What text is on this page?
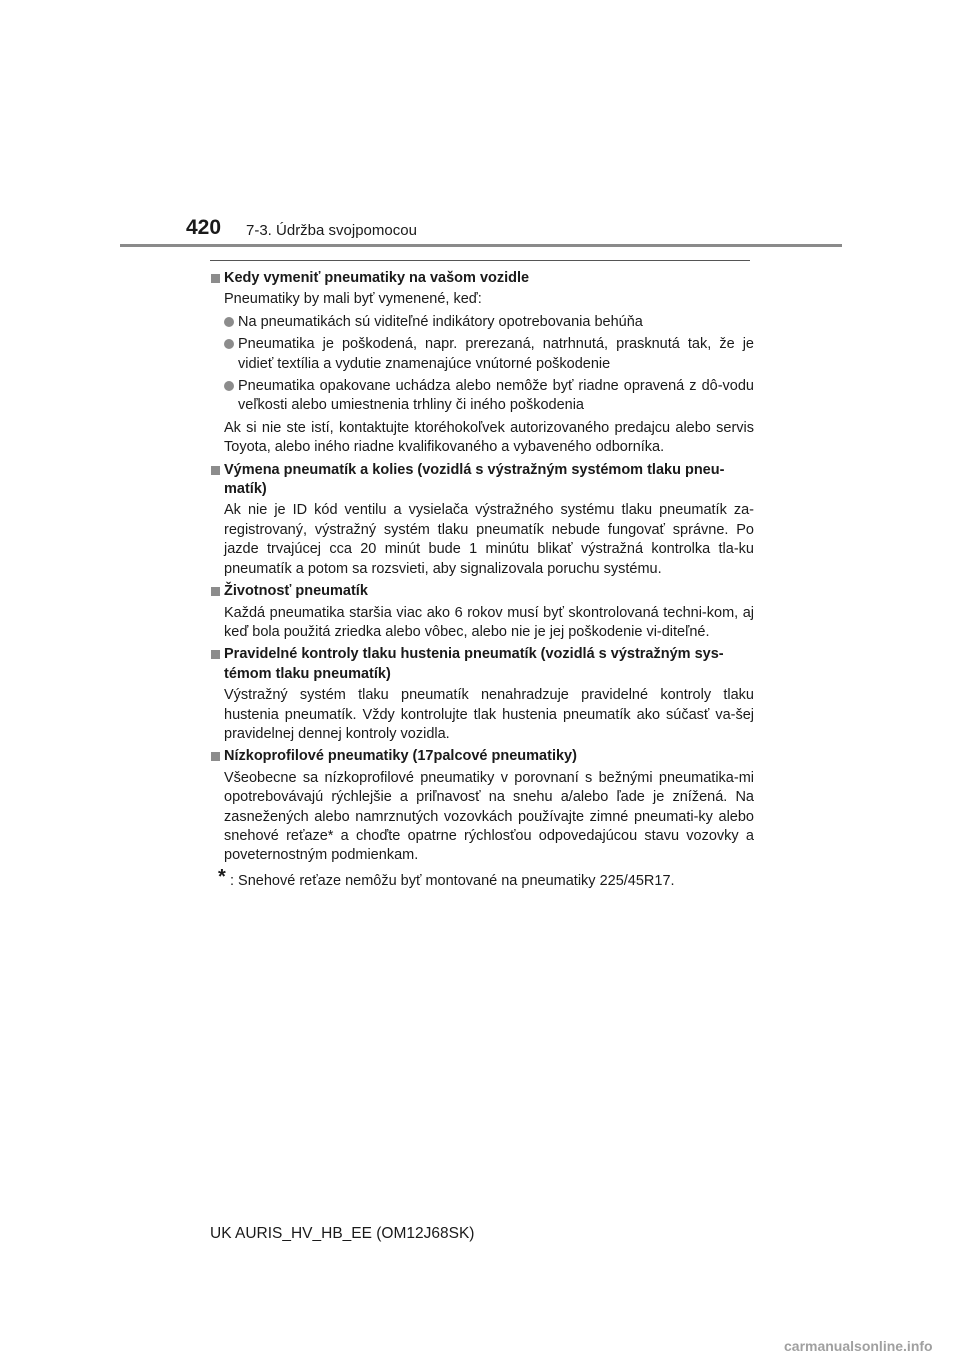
420 7-3. Údržba svojpomocou
Kedy vymeniť pneumatiky na vašom vozidle
Pneumatiky by mali byť vymenené, keď:
Na pneumatikách sú viditeľné indikátory opotrebovania behúňa
Pneumatika je poškodená, napr. prerezaná, natrhnutá, prasknutá tak, že je vidieť textília a vydutie znamenajúce vnútorné poškodenie
Pneumatika opakovane uchádza alebo nemôže byť riadne opravená z dô-vodu veľkosti alebo umiestnenia trhliny či iného poškodenia
Ak si nie ste istí, kontaktujte ktoréhokoľvek autorizovaného predajcu alebo servis Toyota, alebo iného riadne kvalifikovaného a vybaveného odborníka.
Výmena pneumatík a kolies (vozidlá s výstražným systémom tlaku pneu-matík)
Ak nie je ID kód ventilu a vysielača výstražného systému tlaku pneumatík za-registrovaný, výstražný systém tlaku pneumatík nebude fungovať správne. Po jazde trvajúcej cca 20 minút bude 1 minútu blikať výstražná kontrolka tla-ku pneumatík a potom sa rozsvieti, aby signalizovala poruchu systému.
Životnosť pneumatík
Každá pneumatika staršia viac ako 6 rokov musí byť skontrolovaná techni-kom, aj keď bola použitá zriedka alebo vôbec, alebo nie je jej poškodenie vi-diteľné.
Pravidelné kontroly tlaku hustenia pneumatík (vozidlá s výstražným sys-témom tlaku pneumatík)
Výstražný systém tlaku pneumatík nenahradzuje pravidelné kontroly tlaku hustenia pneumatík. Vždy kontrolujte tlak hustenia pneumatík ako súčasť va-šej pravidelnej dennej kontroly vozidla.
Nízkoprofilové pneumatiky (17palcové pneumatiky)
Všeobecne sa nízkoprofilové pneumatiky v porovnaní s bežnými pneumatika-mi opotrebovávajú rýchlejšie a priľnavosť na snehu a/alebo ľade je znížená. Na zasnežených alebo namrznutých vozovkách používajte zimné pneumati-ky alebo snehové reťaze* a choďte opatrne rýchlosťou odpovedajúcou stavu vozovky a poveternostným podmienkam.
* : Snehové reťaze nemôžu byť montované na pneumatiky 225/45R17.
UK AURIS_HV_HB_EE (OM12J68SK)
carmanualsonline.info
